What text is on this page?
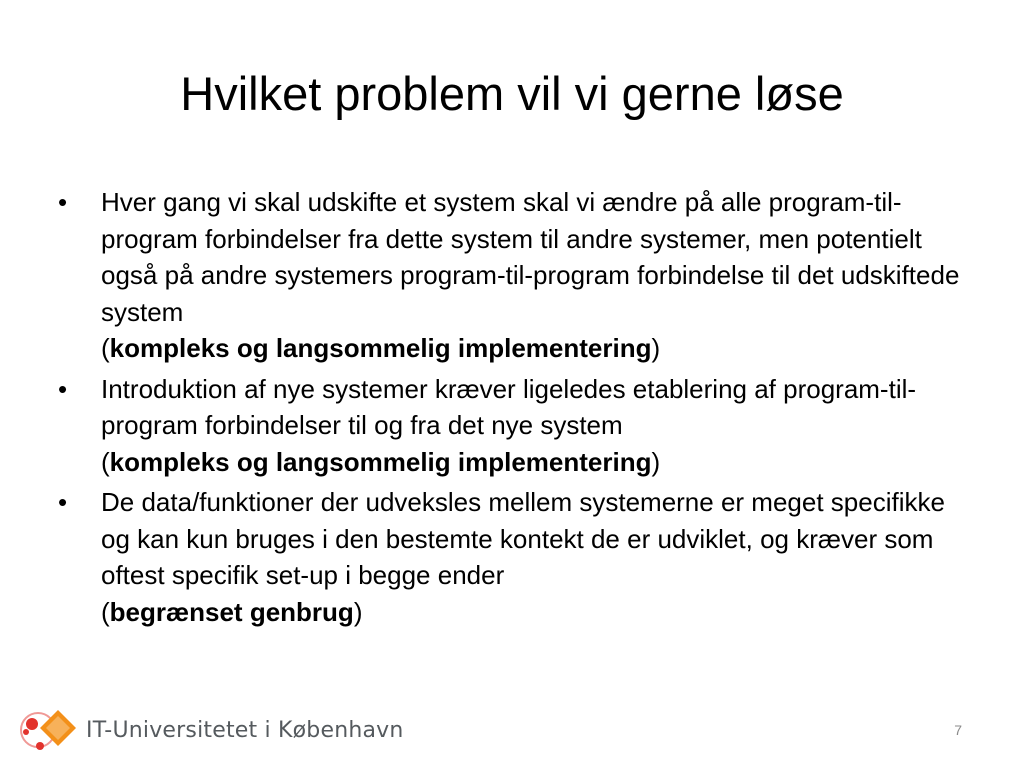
Hvilket problem vil vi gerne løse
•	Hver gang vi skal udskifte et system skal vi ændre på alle program-til-program forbindelser fra dette system til andre systemer, men potentielt også på andre systemers program-til-program forbindelse til det udskiftede system
(kompleks og langsommelig implementering)
•	Introduktion af nye systemer kræver ligeledes etablering af program-til-program forbindelser til og fra det nye system
(kompleks og langsommelig implementering)
•	De data/funktioner der udveksles mellem systemerne er meget specifikke og kan kun bruges i den bestemte kontekt de er udviklet, og kræver som oftest specifik set-up i begge ender
(begrænset genbrug)
IT-Universitetet i København	7
